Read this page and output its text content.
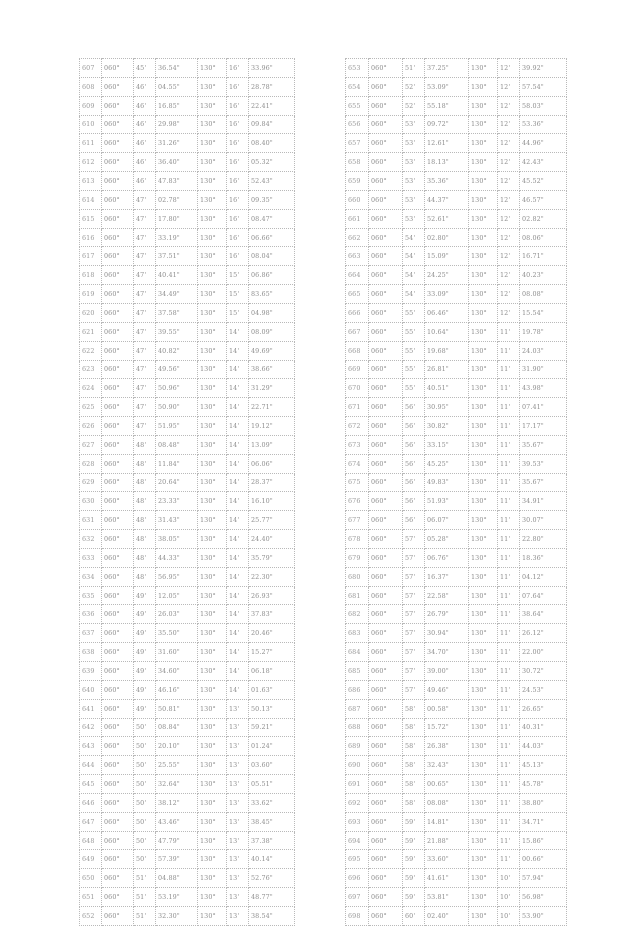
607	060°	45'	36.54"	130°	16'	33.96"
608	060°	46'	04.55"	130°	16'	28.78"
609	060°	46'	16.85"	130°	16'	22.41"
610	060°	46'	29.98"	130°	16'	09.84"
611	060°	46'	31.26"	130°	16'	08.40"
612	060°	46'	36.40"	130°	16'	05.32"
613	060°	46'	47.83"	130°	16'	52.43"
614	060°	47'	02.78"	130°	16'	09.35"
615	060°	47'	17.80"	130°	16'	08.47"
616	060°	47'	33.19"	130°	16'	06.66"
617	060°	47'	37.51"	130°	16'	08.04"
618	060°	47'	40.41"	130°	15'	06.86"
619	060°	47'	34.49"	130°	15'	83.65"
620	060°	47'	37.58"	130°	15'	04.98"
621	060°	47'	39.55"	130°	14'	08.09"
622	060°	47'	40.82"	130°	14'	49.69"
623	060°	47'	49.56"	130°	14'	38.66"
624	060°	47'	50.96"	130°	14'	31.29"
625	060°	47'	50.90"	130°	14'	22.71"
626	060°	47'	51.95"	130°	14'	19.12"
627	060°	48'	08.48"	130°	14'	13.09"
628	060°	48'	11.84"	130°	14'	06.06"
629	060°	48'	20.64"	130°	14'	28.37"
630	060°	48'	23.33"	130°	14'	16.10"
631	060°	48'	31.43"	130°	14'	25.77"
632	060°	48'	38.05"	130°	14'	24.40"
633	060°	48'	44.33"	130°	14'	35.79"
634	060°	48'	56.95"	130°	14'	22.30"
635	060°	49'	12.05"	130°	14'	26.93"
636	060°	49'	26.03"	130°	14'	37.83"
637	060°	49'	35.50"	130°	14'	20.46"
638	060°	49'	31.60"	130°	14'	15.27"
639	060°	49'	34.60"	130°	14'	06.18"
640	060°	49'	46.16"	130°	14'	01.63"
641	060°	49'	50.81"	130°	13'	50.13"
642	060°	50'	08.84"	130°	13'	59.21"
643	060°	50'	20.10"	130°	13'	01.24"
644	060°	50'	25.55"	130°	13'	03.60"
645	060°	50'	32.64"	130°	13'	05.51"
646	060°	50'	38.12"	130°	13'	33.62"
647	060°	50'	43.46"	130°	13'	38.45"
648	060°	50'	47.79"	130°	13'	37.38"
649	060°	50'	57.39"	130°	13'	40.14"
650	060°	51'	04.88"	130°	13'	52.76"
651	060°	51'	53.19"	130°	13'	48.77"
652	060°	51'	32.30"	130°	13'	38.54"
653	060°	51'	37.25"	130°	12'	39.92"
654	060°	52'	53.09"	130°	12'	57.54"
655	060°	52'	55.18"	130°	12'	58.03"
656	060°	53'	09.72"	130°	12'	53.36"
657	060°	53'	12.61"	130°	12'	44.96"
658	060°	53'	18.13"	130°	12'	42.43"
659	060°	53'	35.36"	130°	12'	45.52"
660	060°	53'	44.37"	130°	12'	46.57"
661	060°	53'	52.61"	130°	12'	02.82"
662	060°	54'	02.80"	130°	12'	08.06"
663	060°	54'	15.09"	130°	12'	16.71"
664	060°	54'	24.25"	130°	12'	40.23"
665	060°	54'	33.09"	130°	12'	08.08"
666	060°	55'	06.46"	130°	12'	15.54"
667	060°	55'	10.64"	130°	11'	19.78"
668	060°	55'	19.68"	130°	11'	24.03"
669	060°	55'	26.81"	130°	11'	31.90"
670	060°	55'	40.51"	130°	11'	43.98"
671	060°	56'	30.95"	130°	11'	07.41"
672	060°	56'	30.82"	130°	11'	17.17"
673	060°	56'	33.15"	130°	11'	35.67"
674	060°	56'	45.25"	130°	11'	39.53"
675	060°	56'	49.83"	130°	11'	35.67"
676	060°	56'	51.93"	130°	11'	34.91"
677	060°	56'	06.07"	130°	11'	30.07"
678	060°	57'	05.28"	130°	11'	22.80"
679	060°	57'	06.76"	130°	11'	18.36"
680	060°	57'	16.37"	130°	11'	04.12"
681	060°	57'	22.58"	130°	11'	07.64"
682	060°	57'	26.79"	130°	11'	38.64"
683	060°	57'	30.94"	130°	11'	26.12"
684	060°	57'	34.70"	130°	11'	22.00"
685	060°	57'	39.00"	130°	11'	30.72"
686	060°	57'	49.46"	130°	11'	24.53"
687	060°	58'	00.58"	130°	11'	26.65"
688	060°	58'	15.72"	130°	11'	40.31"
689	060°	58'	26.38"	130°	11'	44.03"
690	060°	58'	32.43"	130°	11'	45.13"
691	060°	58'	00.65"	130°	11'	45.78"
692	060°	58'	08.08"	130°	11'	38.80"
693	060°	59'	14.81"	130°	11'	34.71"
694	060°	59'	21.88"	130°	11'	15.86"
695	060°	59'	33.60"	130°	11'	00.66"
696	060°	59'	41.61"	130°	10'	57.94"
697	060°	59'	53.81"	130°	10'	56.98"
698	060°	60'	02.40"	130°	10'	53.90"
